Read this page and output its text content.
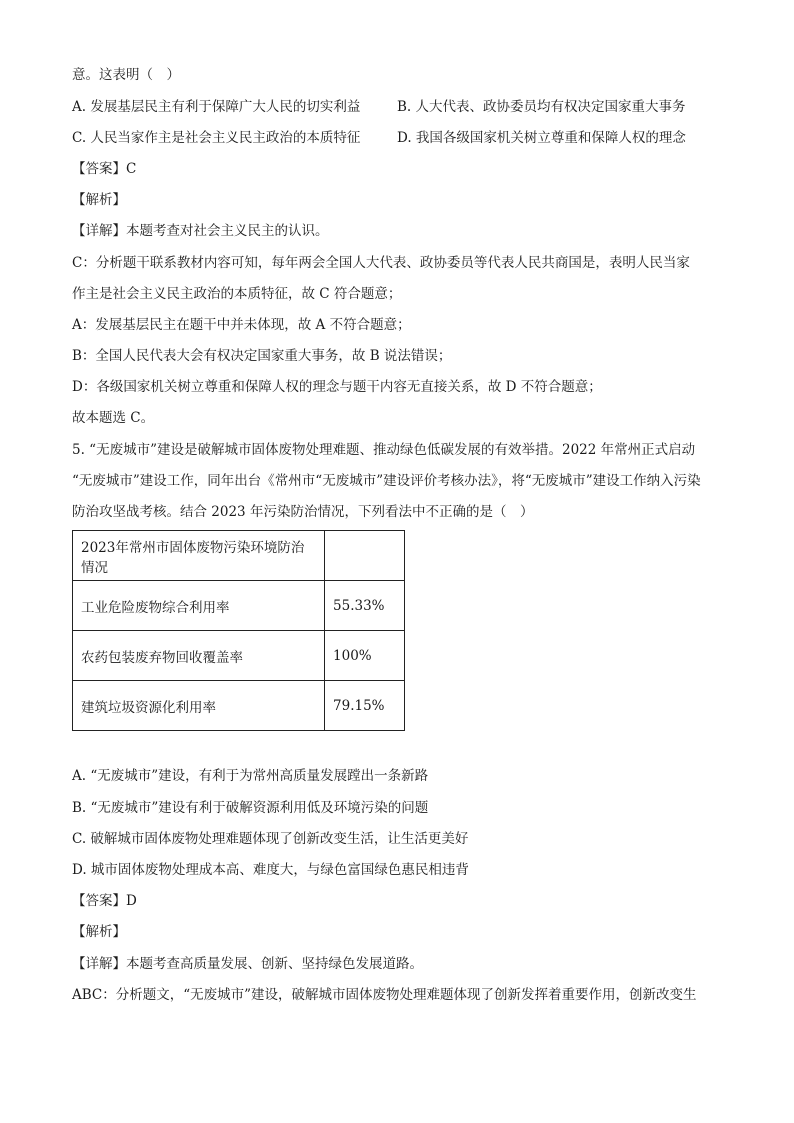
意。这表明（　）
A. 发展基层民主有利于保障广大人民的切实利益	B. 人大代表、政协委员均有权决定国家重大事务
C. 人民当家作主是社会主义民主政治的本质特征	D. 我国各级国家机关树立尊重和保障人权的理念
【答案】C
【解析】
【详解】本题考查对社会主义民主的认识。
C：分析题干联系教材内容可知，每年两会全国人大代表、政协委员等代表人民共商国是，表明人民当家
作主是社会主义民主政治的本质特征，故 C 符合题意；
A：发展基层民主在题干中并未体现，故 A 不符合题意；
B：全国人民代表大会有权决定国家重大事务，故 B 说法错误；
D：各级国家机关树立尊重和保障人权的理念与题干内容无直接关系，故 D 不符合题意；
故本题选 C。
5. “无废城市”建设是破解城市固体废物处理难题、推动绿色低碳发展的有效举措。2022 年常州正式启动
“无废城市”建设工作，同年出台《常州市“无废城市”建设评价考核办法》，将“无废城市”建设工作纳入污染
防治攻坚战考核。结合 2023 年污染防治情况，下列看法中不正确的是（　）
2023年常州市固体废物污染环境防治情况	
工业危险废物综合利用率	55.33%
农药包装废弃物回收覆盖率	100%
建筑垃圾资源化利用率	79.15%
A. “无废城市”建设，有利于为常州高质量发展蹚出一条新路
B. “无废城市”建设有利于破解资源利用低及环境污染的问题
C. 破解城市固体废物处理难题体现了创新改变生活，让生活更美好
D. 城市固体废物处理成本高、难度大，与绿色富国绿色惠民相违背
【答案】D
【解析】
【详解】本题考查高质量发展、创新、坚持绿色发展道路。
ABC：分析题文，“无废城市”建设，破解城市固体废物处理难题体现了创新发挥着重要作用，创新改变生
